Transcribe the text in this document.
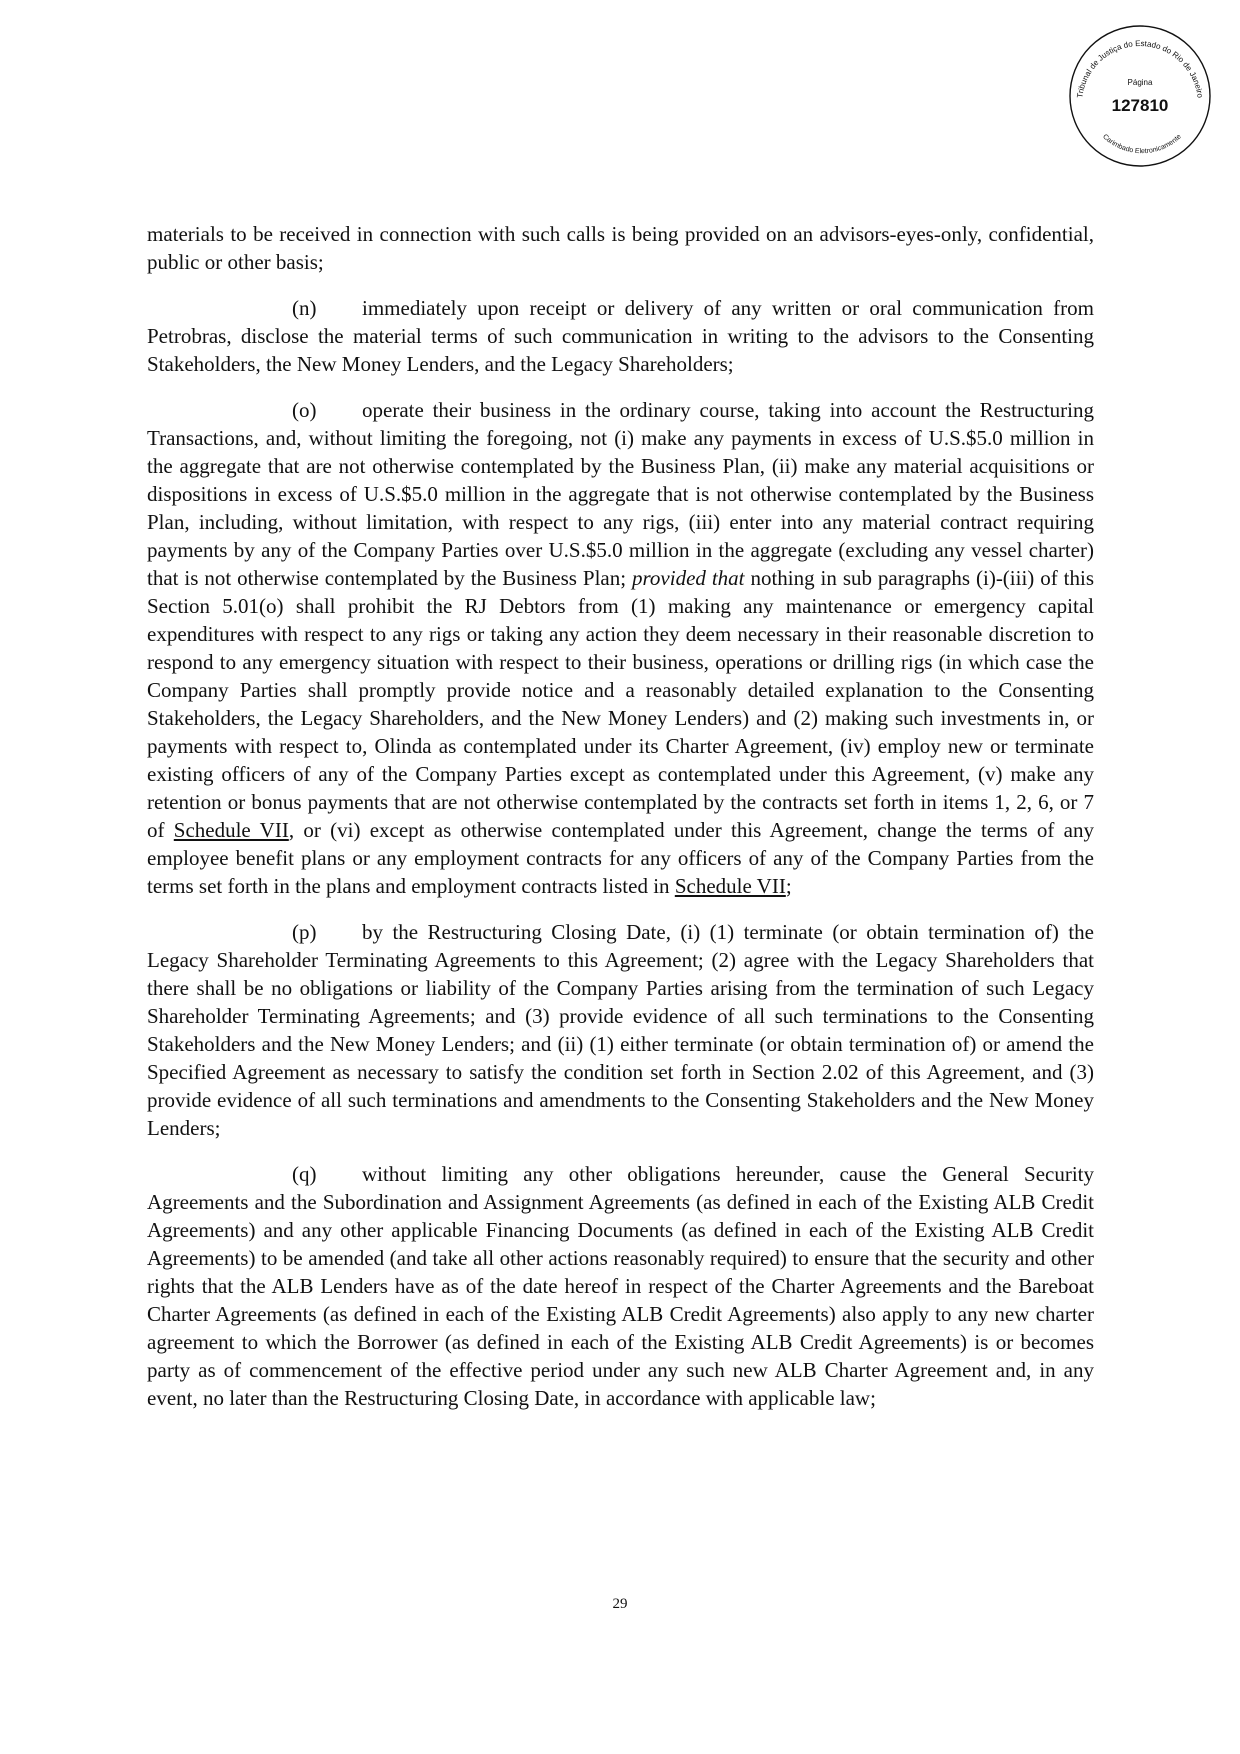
Tribunal de Justiça do Estado do Rio de Janeiro
Carimbado Eletronicamente
Página
127810

materials to be received in connection with such calls is being provided on an advisors-eyes-only, confidential, public or other basis;

(n) immediately upon receipt or delivery of any written or oral communication from Petrobras, disclose the material terms of such communication in writing to the advisors to the Consenting Stakeholders, the New Money Lenders, and the Legacy Shareholders;

(o) operate their business in the ordinary course, taking into account the Restructuring Transactions, and, without limiting the foregoing, not (i) make any payments in excess of U.S.$5.0 million in the aggregate that are not otherwise contemplated by the Business Plan, (ii) make any material acquisitions or dispositions in excess of U.S.$5.0 million in the aggregate that is not otherwise contemplated by the Business Plan, including, without limitation, with respect to any rigs, (iii) enter into any material contract requiring payments by any of the Company Parties over U.S.$5.0 million in the aggregate (excluding any vessel charter) that is not otherwise contemplated by the Business Plan; provided that nothing in sub paragraphs (i)-(iii) of this Section 5.01(o) shall prohibit the RJ Debtors from (1) making any maintenance or emergency capital expenditures with respect to any rigs or taking any action they deem necessary in their reasonable discretion to respond to any emergency situation with respect to their business, operations or drilling rigs (in which case the Company Parties shall promptly provide notice and a reasonably detailed explanation to the Consenting Stakeholders, the Legacy Shareholders, and the New Money Lenders) and (2) making such investments in, or payments with respect to, Olinda as contemplated under its Charter Agreement, (iv) employ new or terminate existing officers of any of the Company Parties except as contemplated under this Agreement, (v) make any retention or bonus payments that are not otherwise contemplated by the contracts set forth in items 1, 2, 6, or 7 of Schedule VII, or (vi) except as otherwise contemplated under this Agreement, change the terms of any employee benefit plans or any employment contracts for any officers of any of the Company Parties from the terms set forth in the plans and employment contracts listed in Schedule VII;

(p) by the Restructuring Closing Date, (i) (1) terminate (or obtain termination of) the Legacy Shareholder Terminating Agreements to this Agreement; (2) agree with the Legacy Shareholders that there shall be no obligations or liability of the Company Parties arising from the termination of such Legacy Shareholder Terminating Agreements; and (3) provide evidence of all such terminations to the Consenting Stakeholders and the New Money Lenders; and (ii) (1) either terminate (or obtain termination of) or amend the Specified Agreement as necessary to satisfy the condition set forth in Section 2.02 of this Agreement, and (3) provide evidence of all such terminations and amendments to the Consenting Stakeholders and the New Money Lenders;

(q) without limiting any other obligations hereunder, cause the General Security Agreements and the Subordination and Assignment Agreements (as defined in each of the Existing ALB Credit Agreements) and any other applicable Financing Documents (as defined in each of the Existing ALB Credit Agreements) to be amended (and take all other actions reasonably required) to ensure that the security and other rights that the ALB Lenders have as of the date hereof in respect of the Charter Agreements and the Bareboat Charter Agreements (as defined in each of the Existing ALB Credit Agreements) also apply to any new charter agreement to which the Borrower (as defined in each of the Existing ALB Credit Agreements) is or becomes party as of commencement of the effective period under any such new ALB Charter Agreement and, in any event, no later than the Restructuring Closing Date, in accordance with applicable law;

29
